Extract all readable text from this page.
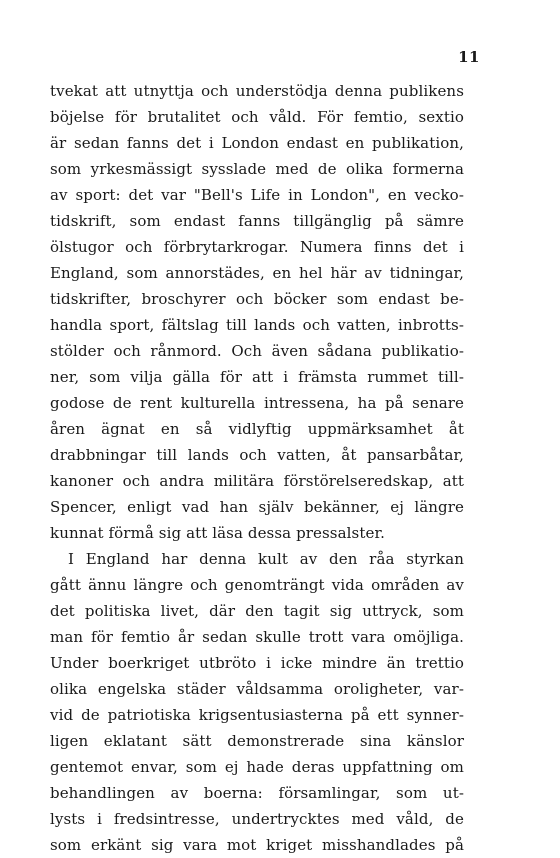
11
tvekat att utnyttja och understödja denna publikens
böjelse för brutalitet och våld. För femtio, sextio
är sedan fanns det i London endast en publikation,
som yrkesmässigt sysslade med de olika formerna
av sport: det var "Bell's Life in London", en vecko-
tidskrift, som endast fanns tillgänglig på sämre
ölstugor och förbrytarkrogar. Numera finns det i
England, som annorstädes, en hel här av tidningar,
tidskrifter, broschyrer och böcker som endast be-
handla sport, fältslag till lands och vatten, inbrotts-
stölder och rånmord. Och även sådana publikatio-
ner, som vilja gälla för att i främsta rummet till-
godose de rent kulturella intressena, ha på senare
åren ägnat en så vidlyftig uppmärksamhet åt
drabbningar till lands och vatten, åt pansarbåtar,
kanoner och andra militära förstörelseredskap, att
Spencer, enligt vad han själv bekänner, ej längre
kunnat förmå sig att läsa dessa pressalster.
I England har denna kult av den råa styrkan
gått ännu längre och genomträngt vida områden av
det politiska livet, där den tagit sig uttryck, som
man för femtio år sedan skulle trott vara omöjliga.
Under boerkriget utbröto i icke mindre än trettio
olika engelska städer våldsamma oroligheter, var-
vid de patriotiska krigsentusiasterna på ett synner-
ligen eklatant sätt demonstrerade sina känslor
gentemot envar, som ej hade deras uppfattning om
behandlingen av boerna: församlingar, som ut-
lysts i fredsintresse, undertrycktes med våld, de
som erkänt sig vara mot kriget misshandlades på
